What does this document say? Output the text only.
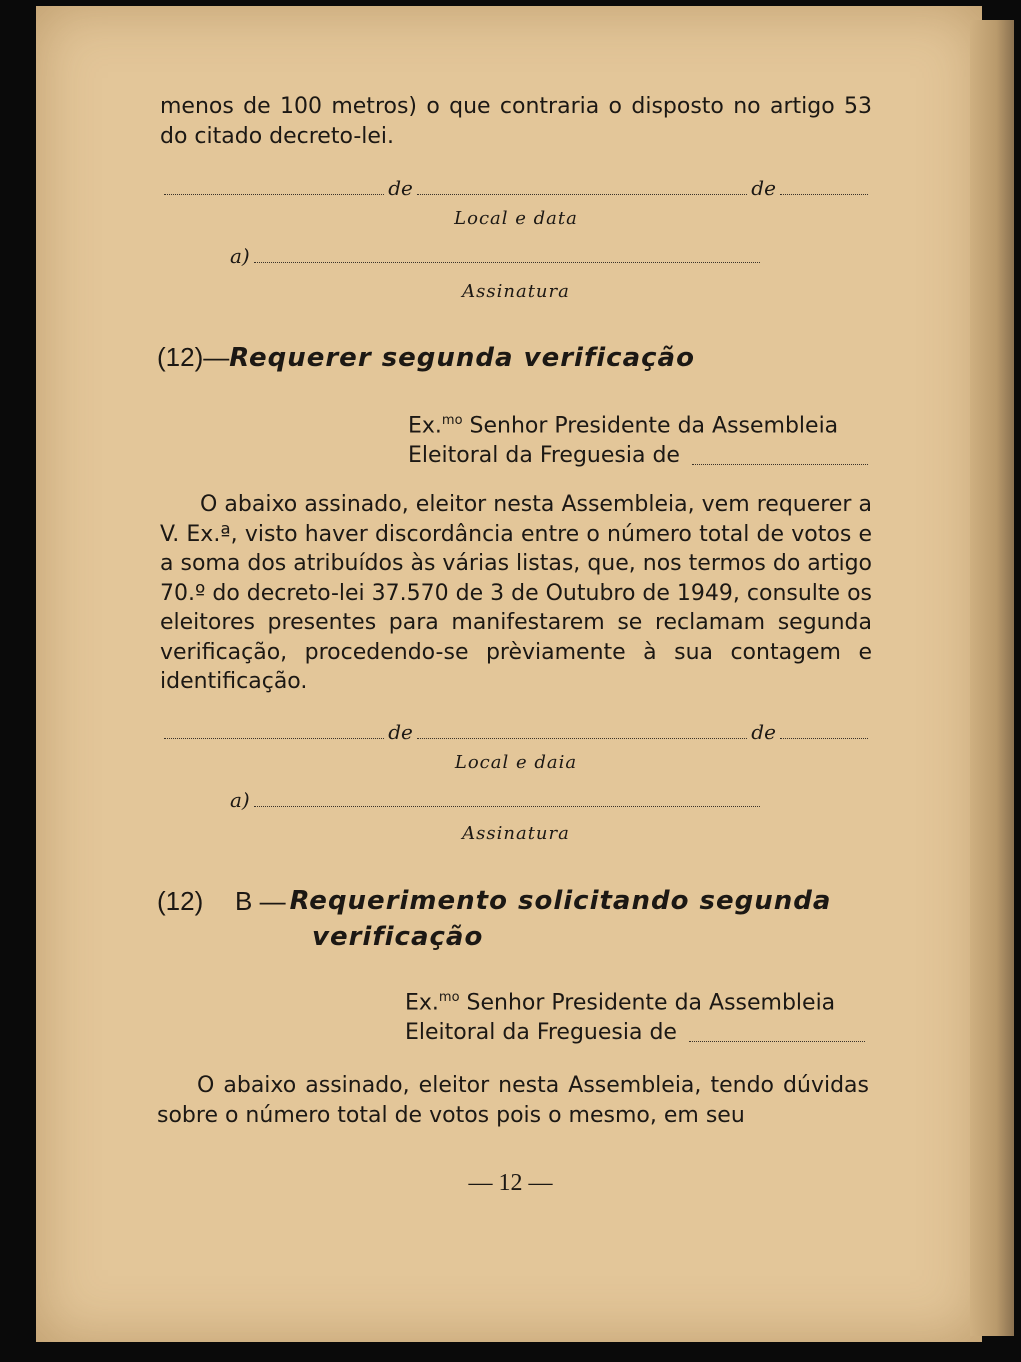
menos de 100 metros) o que contraria o disposto no artigo 53 do citado decreto-lei.

de	de
Local e data
a)
Assinatura
(12)—Requerer segunda verificação
Ex.$^{mo}$ Senhor Presidente da Assembleia
Eleitoral da Freguesia de

O abaixo assinado, eleitor nesta Assembleia, vem requerer a V. Ex.ª, visto haver discordância entre o número total de votos e a soma dos atribuídos às várias listas, que, nos termos do artigo 70.º do decreto-lei 37.570 de 3 de Outubro de 1949, consulte os eleitores presentes para manifestarem se reclamam segunda verificação, procedendo-se prèviamente à sua contagem e identificação.

de	de
Local e daia
a)
Assinatura
(12) B — Requerimento solicitando segunda
verificação
Ex.$^{mo}$ Senhor Presidente da Assembleia
Eleitoral da Freguesia de

O abaixo assinado, eleitor nesta Assembleia, tendo dúvidas sobre o número total de votos pois o mesmo, em seu

— 12 —
